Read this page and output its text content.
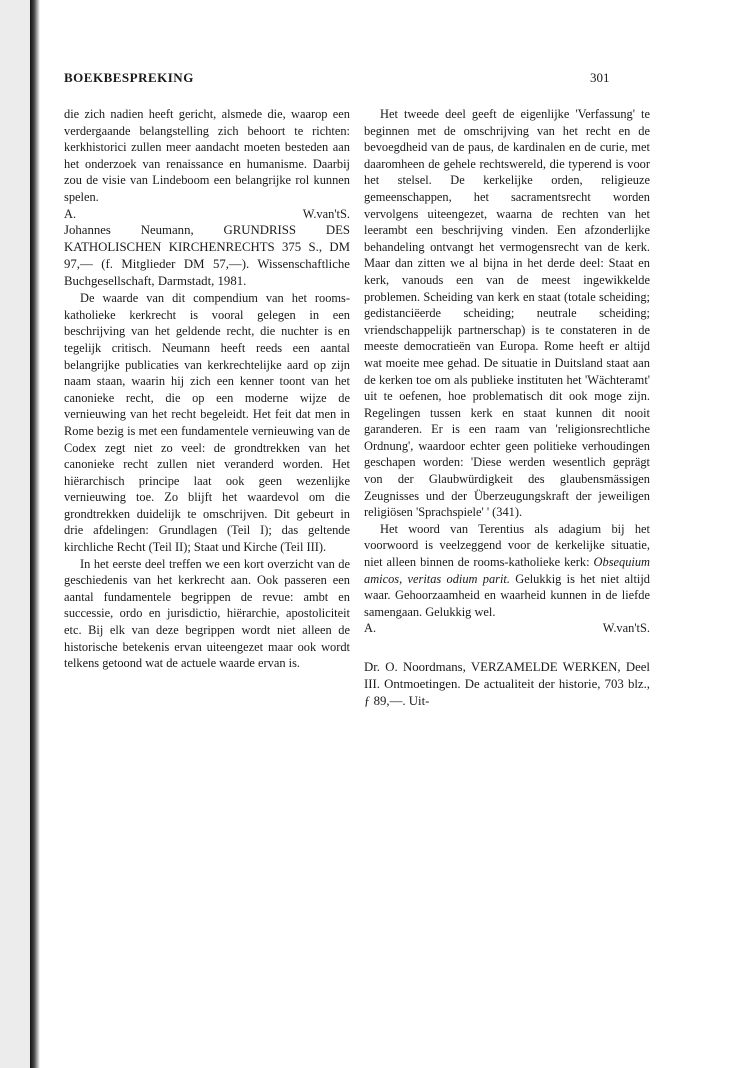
BOEKBESPREKING	301

die zich nadien heeft gericht, alsmede die, waarop een verdergaande belangstelling zich behoort te richten: kerkhistorici zullen meer aandacht moeten besteden aan het onderzoek van renaissance en humanisme. Daarbij zou de visie van Lindeboom een belangrijke rol kunnen spelen.

A.	W.van'tS.

Johannes Neumann, GRUNDRISS DES KATHOLISCHEN KIRCHENRECHTS 375 S., DM 97,— (f. Mitglieder DM 57,—). Wissenschaftliche Buchgesellschaft, Darmstadt, 1981.

De waarde van dit compendium van het rooms-katholieke kerkrecht is vooral gelegen in een beschrijving van het geldende recht, die nuchter is en tegelijk critisch. Neumann heeft reeds een aantal belangrijke publicaties van kerkrechtelijke aard op zijn naam staan, waarin hij zich een kenner toont van het canonieke recht, die op een moderne wijze de vernieuwing van het recht begeleidt. Het feit dat men in Rome bezig is met een fundamentele vernieuwing van de Codex zegt niet zo veel: de grondtrekken van het canonieke recht zullen niet veranderd worden. Het hiërarchisch principe laat ook geen wezenlijke vernieuwing toe. Zo blijft het waardevol om die grondtrekken duidelijk te omschrijven. Dit gebeurt in drie afdelingen: Grundlagen (Teil I); das geltende kirchliche Recht (Teil II); Staat und Kirche (Teil III).

In het eerste deel treffen we een kort overzicht van de geschiedenis van het kerkrecht aan. Ook passeren een aantal fundamentele begrippen de revue: ambt en successie, ordo en jurisdictio, hiërarchie, apostoliciteit etc. Bij elk van deze begrippen wordt niet alleen de historische betekenis ervan uiteengezet maar ook wordt telkens getoond wat de actuele waarde ervan is.

Het tweede deel geeft de eigenlijke 'Verfassung' te beginnen met de omschrijving van het recht en de bevoegdheid van de paus, de kardinalen en de curie, met daaromheen de gehele rechtswereld, die typerend is voor het stelsel. De kerkelijke orden, religieuze gemeenschappen, het sacramentsrecht worden vervolgens uiteengezet, waarna de rechten van het leerambt een beschrijving vinden. Een afzonderlijke behandeling ontvangt het vermogensrecht van de kerk. Maar dan zitten we al bijna in het derde deel: Staat en kerk, vanouds een van de meest ingewikkelde problemen. Scheiding van kerk en staat (totale scheiding; gedistanciëerde scheiding; neutrale scheiding; vriendschappelijk partnerschap) is te constateren in de meeste democratieën van Europa. Rome heeft er altijd wat moeite mee gehad. De situatie in Duitsland staat aan de kerken toe om als publieke instituten het 'Wächteramt' uit te oefenen, hoe problematisch dit ook moge zijn. Regelingen tussen kerk en staat kunnen dit nooit garanderen. Er is een raam van 'religionsrechtliche Ordnung', waardoor echter geen politieke verhoudingen geschapen worden: 'Diese werden wesentlich geprägt von der Glaubwürdigkeit des glaubensmässigen Zeugnisses und der Überzeugungskraft der jeweiligen religiösen 'Sprachspiele' ' (341).

Het woord van Terentius als adagium bij het voorwoord is veelzeggend voor de kerkelijke situatie, niet alleen binnen de rooms-katholieke kerk: Obsequium amicos, veritas odium parit. Gelukkig is het niet altijd waar. Gehoorzaamheid en waarheid kunnen in de liefde samengaan. Gelukkig wel.

A.	W.van'tS.

Dr. O. Noordmans, VERZAMELDE WERKEN, Deel III. Ontmoetingen. De actualiteit der historie, 703 blz., ƒ 89,—. Uit-
